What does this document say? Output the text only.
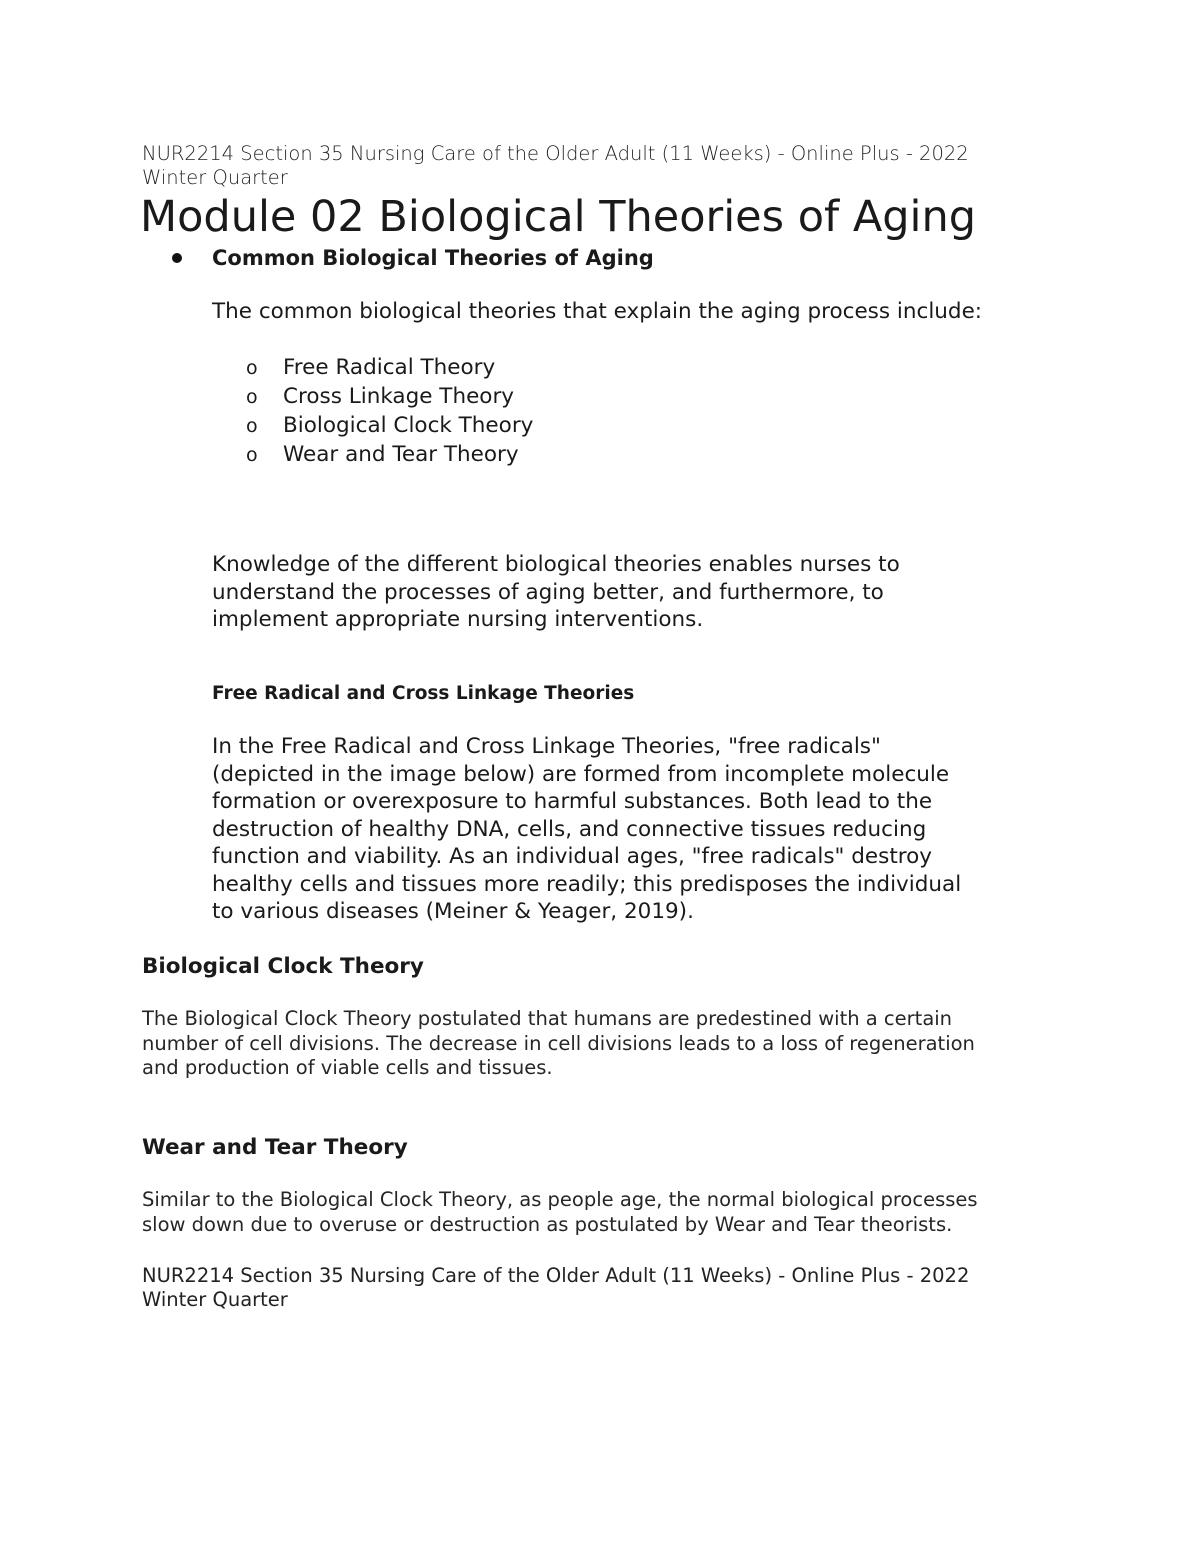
NUR2214 Section 35 Nursing Care of the Older Adult (11 Weeks) - Online Plus - 2022
Winter Quarter
Module 02 Biological Theories of Aging
Common Biological Theories of Aging
The common biological theories that explain the aging process include:
o	Free Radical Theory
o	Cross Linkage Theory
o	Biological Clock Theory
o	Wear and Tear Theory
Knowledge of the different biological theories enables nurses to
understand the processes of aging better, and furthermore, to
implement appropriate nursing interventions.
Free Radical and Cross Linkage Theories
In the Free Radical and Cross Linkage Theories, "free radicals"
(depicted in the image below) are formed from incomplete molecule
formation or overexposure to harmful substances. Both lead to the
destruction of healthy DNA, cells, and connective tissues reducing
function and viability. As an individual ages, "free radicals" destroy
healthy cells and tissues more readily; this predisposes the individual
to various diseases (Meiner & Yeager, 2019).
Biological Clock Theory
The Biological Clock Theory postulated that humans are predestined with a certain
number of cell divisions. The decrease in cell divisions leads to a loss of regeneration
and production of viable cells and tissues.
Wear and Tear Theory
Similar to the Biological Clock Theory, as people age, the normal biological processes
slow down due to overuse or destruction as postulated by Wear and Tear theorists.
NUR2214 Section 35 Nursing Care of the Older Adult (11 Weeks) - Online Plus - 2022
Winter Quarter
